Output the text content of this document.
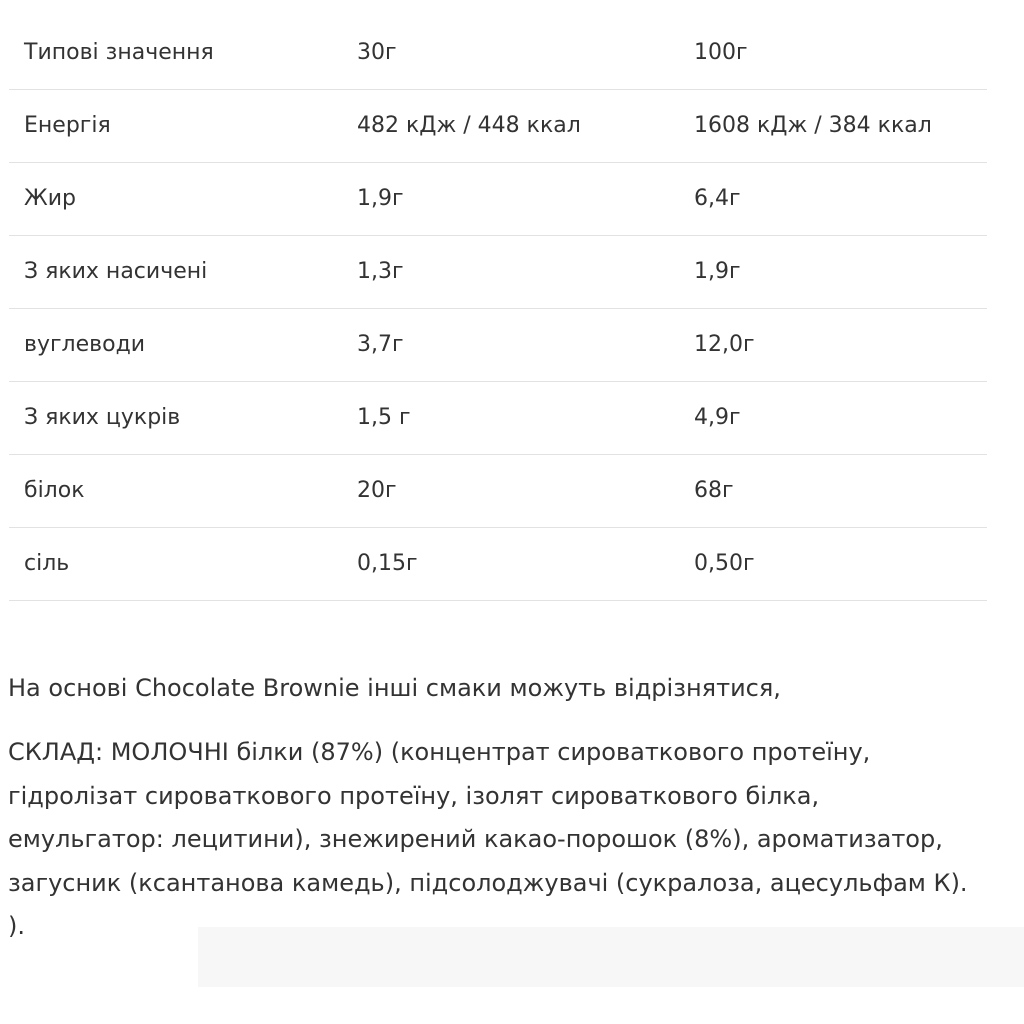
Типові значення	30г	100г
Енергія	482 кДж / 448 ккал	1608 кДж / 384 ккал
Жир	1,9г	6,4г
З яких насичені	1,3г	1,9г
вуглеводи	3,7г	12,0г
З яких цукрів	1,5 г	4,9г
білок	20г	68г
сіль	0,15г	0,50г

На основі Chocolate Brownie інші смаки можуть відрізнятися,

СКЛАД: МОЛОЧНІ білки (87%) (концентрат сироваткового протеїну,
гідролізат сироваткового протеїну, ізолят сироваткового білка,
емульгатор: лецитини), знежирений какао-порошок (8%), ароматизатор,
загусник (ксантанова камедь), підсолоджувачі (сукралоза, ацесульфам К).
).
